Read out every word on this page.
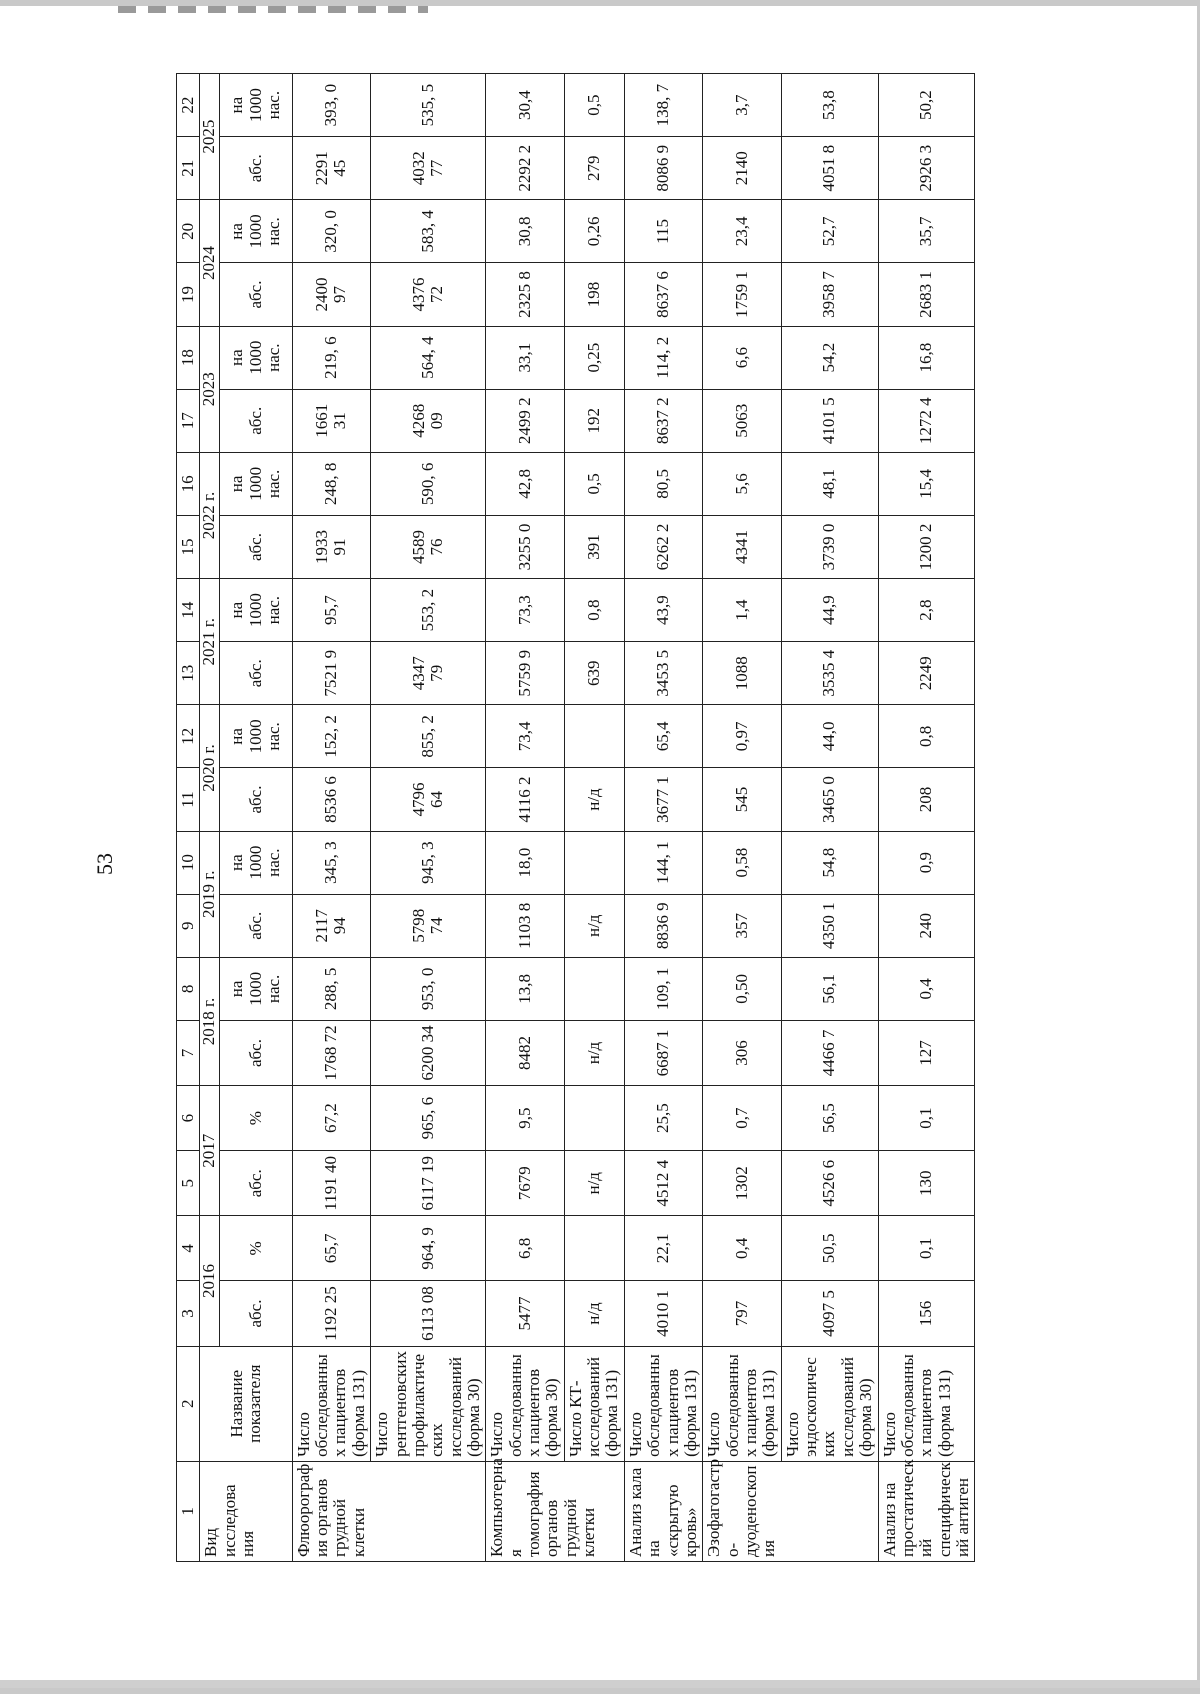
53
1	2	3	4	5	6	7	8	9	10	11	12	13	14	15	16	17	18	19	20	21	22
Вид исследова ния	Название показателя	2016		2017		2018 г.		2019 г.		2020 г.		2021 г.		2022 г.		2023		2024		2025	
		абс.	%	абс.	%	абс.	на 1000 нас.	абс.	на 1000 нас.	абс.	на 1000 нас.	абс.	на 1000 нас.	абс.	на 1000 нас.	абс.	на 1000 нас.	абс.	на 1000 нас.	абс.	на 1000 нас.
Флюорограф ия органов грудной клетки	Число обследованны х пациентов (форма 131)	1192 25	65,7	1191 40	67,2	1768 72	288, 5	2117 94	345, 3	8536 6	152, 2	7521 9	95,7	1933 91	248, 8	1661 31	219, 6	2400 97	320, 0	2291 45	393, 0
	Число рентгеновских профилактиче ских исследований (форма 30)	6113 08	964, 9	6117 19	965, 6	6200 34	953, 0	5798 74	945, 3	4796 64	855, 2	4347 79	553, 2	4589 76	590, 6	4268 09	564, 4	4376 72	583, 4	4032 77	535, 5
Компьютерна я томография органов грудной клетки	Число обследованны х пациентов (форма 30)	5477	6,8	7679	9,5	8482	13,8	1103 8	18,0	4116 2	73,4	5759 9	73,3	3255 0	42,8	2499 2	33,1	2325 8	30,8	2292 2	30,4
	Число КТ-исследований (форма 131)	н/д		н/д		н/д		н/д		н/д		639	0,8	391	0,5	192	0,25	198	0,26	279	0,5
Анализ кала на «скрытую кровь»	Число обследованны х пациентов (форма 131)	4010 1	22,1	4512 4	25,5	6687 1	109, 1	8836 9	144, 1	3677 1	65,4	3453 5	43,9	6262 2	80,5	8637 2	114, 2	8637 6	115	8086 9	138, 7
Эзофагогастр о-дуоденоскоп ия	Число обследованны х пациентов (форма 131)	797	0,4	1302	0,7	306	0,50	357	0,58	545	0,97	1088	1,4	4341	5,6	5063	6,6	1759 1	23,4	2140	3,7
	Число эндоскопичес ких исследований (форма 30)	4097 5	50,5	4526 6	56,5	4466 7	56,1	4350 1	54,8	3465 0	44,0	3535 4	44,9	3739 0	48,1	4101 5	54,2	3958 7	52,7	4051 8	53,8
Анализ на простатическ ий специфическ ий антиген	Число обследованны х пациентов (форма 131)	156	0,1	130	0,1	127	0,4	240	0,9	208	0,8	2249	2,8	1200 2	15,4	1272 4	16,8	2683 1	35,7	2926 3	50,2
